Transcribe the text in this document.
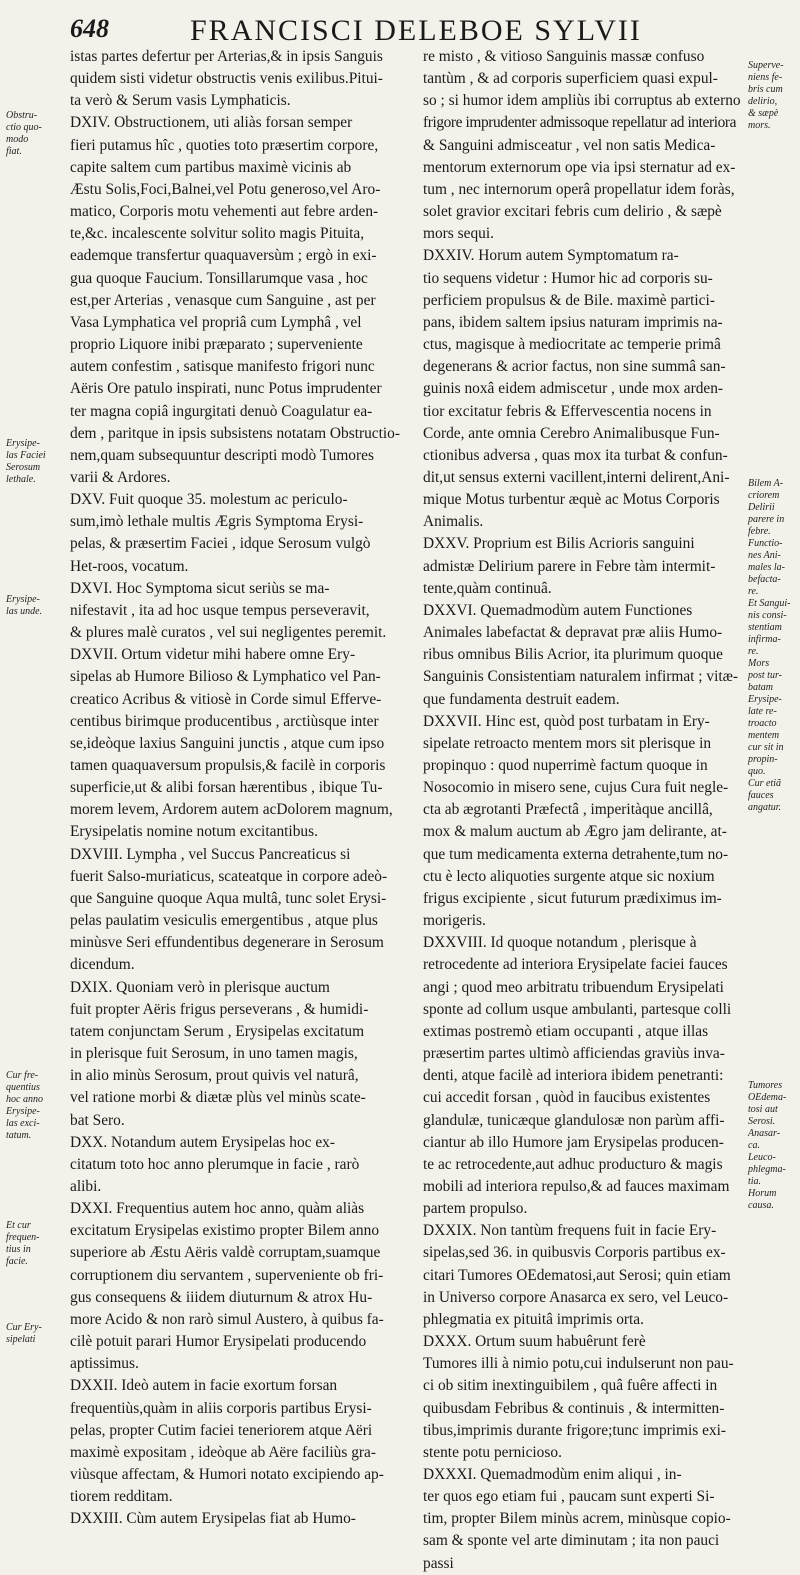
648	FRANCISCI DELEBOE SYLVII
istas partes defertur per Arterias,& in ipsis Sanguis
quidem sisti videtur obstructis venis exilibus.Pitui-
ta verò & Serum vasis Lymphaticis.
DXIV. Obstructionem, uti aliàs forsan semper
fieri putamus hîc , quoties toto præsertim corpore,
capite saltem cum partibus maximè vicinis ab
Æstu Solis,Foci,Balnei,vel Potu generoso,vel Aro-
matico, Corporis motu vehementi aut febre arden-
te,&c. incalescente solvitur solito magis Pituita,
eademque transfertur quaquaversùm ; ergò in exi-
gua quoque Faucium. Tonsillarumque vasa , hoc
est,per Arterias , venasque cum Sanguine , ast per
Vasa Lymphatica vel propriâ cum Lymphâ , vel
proprio Liquore inibi præparato ; superveniente
autem confestim , satisque manifesto frigori nunc
Aëris Ore patulo inspirati, nunc Potus imprudenter
ter magna copiâ ingurgitati denuò Coagulatur ea-
dem , paritque in ipsis subsistens notatam Obstructio-
nem,quam subsequuntur descripti modò Tumores
varii & Ardores.
DXV. Fuit quoque 35. molestum ac periculo-
sum,imò lethale multis Ægris Symptoma Erysi-
pelas, & præsertim Faciei , idque Serosum vulgò
Het-roos, vocatum.
DXVI. Hoc Symptoma sicut seriùs se ma-
nifestavit , ita ad hoc usque tempus perseveravit,
& plures malè curatos , vel sui negligentes peremit.
DXVII. Ortum videtur mihi habere omne Ery-
sipelas ab Humore Bilioso & Lymphatico vel Pan-
creatico Acribus & vitiosè in Corde simul Efferve-
centibus birimque producentibus , arctiùsque inter
se,ideòque laxius Sanguini junctis , atque cum ipso
tamen quaquaversum propulsis,& facilè in corporis
superficie,ut & alibi forsan hærentibus , ibique Tu-
morem levem, Ardorem autem acDolorem magnum,
Erysipelatis nomine notum excitantibus.
DXVIII. Lympha , vel Succus Pancreaticus si
fuerit Salso-muriaticus, scateatque in corpore adeò-
que Sanguine quoque Aqua multâ, tunc solet Erysi-
pelas paulatim vesiculis emergentibus , atque plus
minùsve Seri effundentibus degenerare in Serosum
dicendum.
DXIX. Quoniam verò in plerisque auctum
fuit propter Aëris frigus perseverans , & humidi-
tatem conjunctam Serum , Erysipelas excitatum
in plerisque fuit Serosum, in uno tamen magis,
in alio minùs Serosum, prout quivis vel naturâ,
vel ratione morbi & diætæ plùs vel minùs scate-
bat Sero.
DXX. Notandum autem Erysipelas hoc ex-
citatum toto hoc anno plerumque in facie , rarò
alibi.
DXXI. Frequentius autem hoc anno, quàm aliàs
excitatum Erysipelas existimo propter Bilem anno
superiore ab Æstu Aëris valdè corruptam,suamque
corruptionem diu servantem , superveniente ob fri-
gus consequens & iiidem diuturnum & atrox Hu-
more Acido & non rarò simul Austero, à quibus fa-
cilè potuit parari Humor Erysipelati producendo
aptissimus.
DXXII. Ideò autem in facie exortum forsan
frequentiùs,quàm in aliis corporis partibus Erysi-
pelas, propter Cutim faciei teneriorem atque Aëri
maximè expositam , ideòque ab Aëre faciliùs gra-
viùsque affectam, & Humori notato excipiendo ap-
tiorem redditam.
DXXIII. Cùm autem Erysipelas fiat ab Humo-
re misto , & vitioso Sanguinis massæ confuso
tantùm , & ad corporis superficiem quasi expul-
so ; si humor idem ampliùs ibi corruptus ab externo
frigore imprudenter admissoque repellatur ad interiora
& Sanguini admisceatur , vel non satis Medica-
mentorum externorum ope via ipsi sternatur ad ex-
tum , nec internorum operâ propellatur idem foràs,
solet gravior excitari febris cum delirio , & sæpè
mors sequi.
DXXIV. Horum autem Symptomatum ra-
tio sequens videtur : Humor hic ad corporis su-
perficiem propulsus & de Bile. maximè partici-
pans, ibidem saltem ipsius naturam imprimis na-
ctus, magisque à mediocritate ac temperie primâ
degenerans & acrior factus, non sine summâ san-
guinis noxâ eidem admiscetur , unde mox arden-
tior excitatur febris & Effervescentia nocens in
Corde, ante omnia Cerebro Animalibusque Fun-
ctionibus adversa , quas mox ita turbat & confun-
dit,ut sensus externi vacillent,interni delirent,Ani-
mique Motus turbentur æquè ac Motus Corporis
Animalis.
DXXV. Proprium est Bilis Acrioris sanguini
admistæ Delirium parere in Febre tàm intermit-
tente,quàm continuâ.
DXXVI. Quemadmodùm autem Functiones
Animales labefactat & depravat præ aliis Humo-
ribus omnibus Bilis Acrior, ita plurimum quoque
Sanguinis Consistentiam naturalem infirmat ; vitæ-
que fundamenta destruit eadem.
DXXVII. Hinc est, quòd post turbatam in Ery-
sipelate retroacto mentem mors sit plerisque in
propinquo : quod nuperrimè factum quoque in
Nosocomio in misero sene, cujus Cura fuit negle-
cta ab ægrotanti Præfectâ , imperitàque ancillâ,
mox & malum auctum ab Ægro jam delirante, at-
que tum medicamenta externa detrahente,tum no-
ctu è lecto aliquoties surgente atque sic noxium
frigus excipiente , sicut futurum prædiximus im-
morigeris.
DXXVIII. Id quoque notandum , plerisque à
retrocedente ad interiora Erysipelate faciei fauces
angi ; quod meo arbitratu tribuendum Erysipelati
sponte ad collum usque ambulanti, partesque colli
extimas postremò etiam occupanti , atque illas
præsertim partes ultimò afficiendas graviùs inva-
denti, atque facilè ad interiora ibidem penetranti:
cui accedit forsan , quòd in faucibus existentes
glandulæ, tunicæque glandulosæ non parùm affi-
ciantur ab illo Humore jam Erysipelas producen-
te ac retrocedente,aut adhuc producturo & magis
mobili ad interiora repulso,& ad fauces maximam
partem propulso.
DXXIX. Non tantùm frequens fuit in facie Ery-
sipelas,sed 36. in quibusvis Corporis partibus ex-
citari Tumores OEdematosi,aut Serosi; quin etiam
in Universo corpore Anasarca ex sero, vel Leuco-
phlegmatia ex pituitâ imprimis orta.
DXXX. Ortum suum habuêrunt ferè
Tumores illi à nimio potu,cui indulserunt non pau-
ci ob sitim inextinguibilem , quâ fuêre affecti in
quibusdam Febribus & continuis , & intermitten-
tibus,imprimis durante frigore;tunc imprimis exi-
stente potu pernicioso.
DXXXI. Quemadmodùm enim aliqui , in-
ter quos ego etiam fui , paucam sunt experti Si-
tim, propter Bilem minùs acrem, minùsque copio-
sam & sponte vel arte diminutam ; ita non pauci
passi
Obstru-
ctio quo-
modo
fiat.
Erysipe-
las Faciei
Serosum
lethale.
Erysipe-
las unde.
Cur fre-
quentius
hoc anno
Erysipe-
las exci-
tatum.
Et cur
frequen-
tius in
facie.
Cur Ery-
sipelati
Superve-
niens fe-
bris cum
delirio,
& sæpè
mors.
Bilem A-
criorem
Delirii
parere in
febre.
Functio-
nes Ani-
males la-
befacta-
re.
Et Sangui-
nis consi-
stentiam
infirma-
re.
Mors
post tur-
batam
Erysipe-
late re-
troacto
mentem
cur sit in
propin-
quo.
Cur etiã
fauces
angatur.
Tumores
OEdema-
tosi aut
Serosi.
Anasar-
ca.
Leuco-
phlegma-
tia.
Horum
causa.
